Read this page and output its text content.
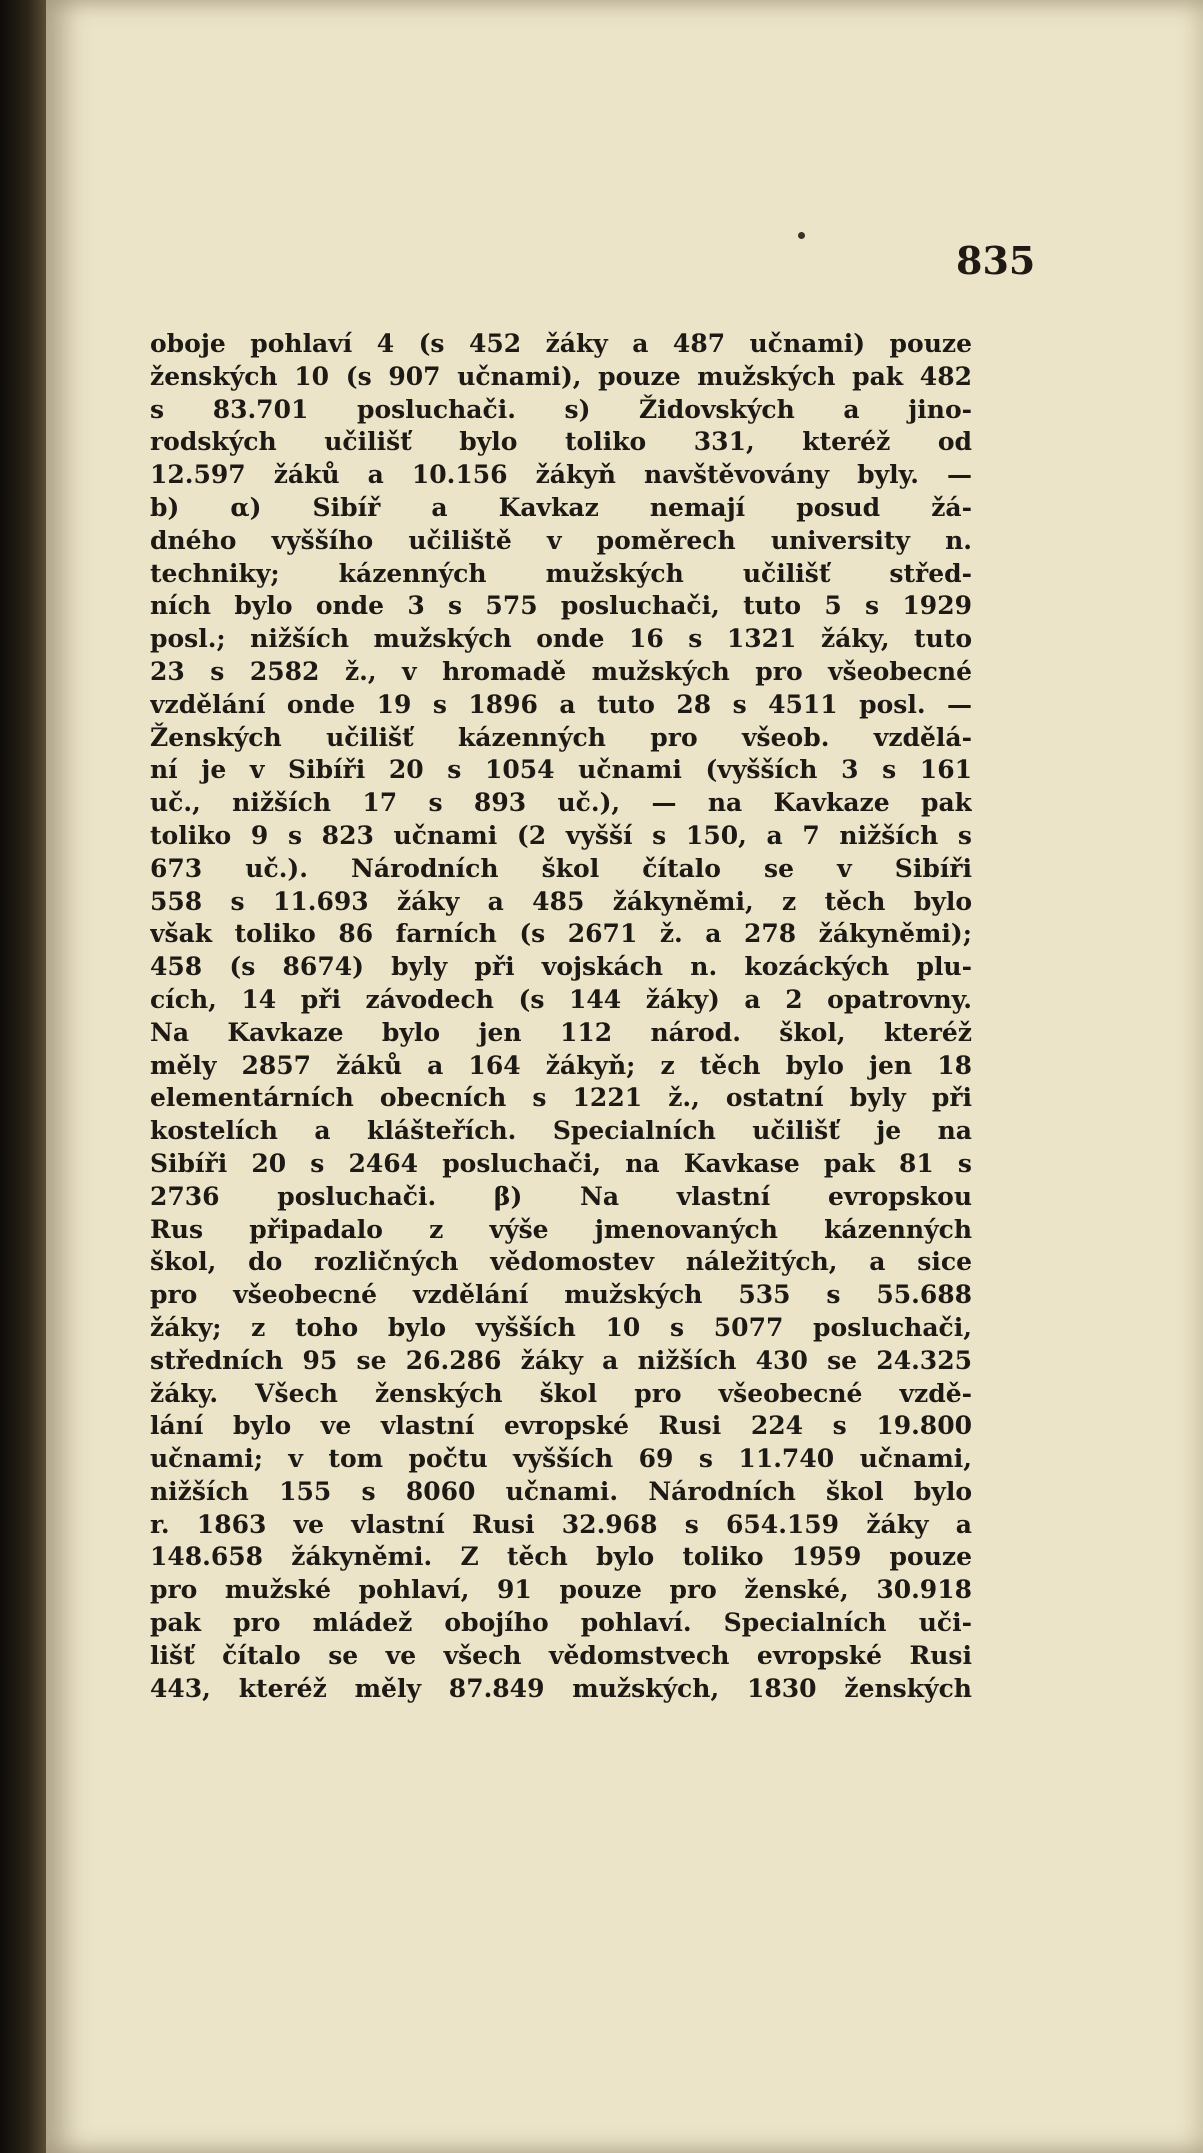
835
oboje pohlaví 4 (s 452 žáky a 487 učnami) pouze
ženských 10 (s 907 učnami), pouze mužských pak 482
s 83.701 posluchači. s) Židovských a jino-
rodských učilišť bylo toliko 331, kteréž od
12.597 žáků a 10.156 žákyň navštěvovány byly. —
b) α) Sibíř a Kavkaz nemají posud žá-
dného vyššího učiliště v poměrech university n.
techniky; kázenných mužských učilišť střed-
ních bylo onde 3 s 575 posluchači, tuto 5 s 1929
posl.; nižších mužských onde 16 s 1321 žáky, tuto
23 s 2582 ž., v hromadě mužských pro všeobecné
vzdělání onde 19 s 1896 a tuto 28 s 4511 posl. —
Ženských učilišť kázenných pro všeob. vzdělá-
ní je v Sibíři 20 s 1054 učnami (vyšších 3 s 161
uč., nižších 17 s 893 uč.), — na Kavkaze pak
toliko 9 s 823 učnami (2 vyšší s 150, a 7 nižších s
673 uč.). Národních škol čítalo se v Sibíři
558 s 11.693 žáky a 485 žákyněmi, z těch bylo
však toliko 86 farních (s 2671 ž. a 278 žákyněmi);
458 (s 8674) byly při vojskách n. kozáckých plu-
cích, 14 při závodech (s 144 žáky) a 2 opatrovny.
Na Kavkaze bylo jen 112 národ. škol, kteréž
měly 2857 žáků a 164 žákyň; z těch bylo jen 18
elementárních obecních s 1221 ž., ostatní byly při
kostelích a klášteřích. Specialních učilišť je na
Sibíři 20 s 2464 posluchači, na Kavkase pak 81 s
2736 posluchači. β) Na vlastní evropskou
Rus připadalo z výše jmenovaných kázenných
škol, do rozličných vědomostev náležitých, a sice
pro všeobecné vzdělání mužských 535 s 55.688
žáky; z toho bylo vyšších 10 s 5077 posluchači,
středních 95 se 26.286 žáky a nižších 430 se 24.325
žáky. Všech ženských škol pro všeobecné vzdě-
lání bylo ve vlastní evropské Rusi 224 s 19.800
učnami; v tom počtu vyšších 69 s 11.740 učnami,
nižších 155 s 8060 učnami. Národních škol bylo
r. 1863 ve vlastní Rusi 32.968 s 654.159 žáky a
148.658 žákyněmi. Z těch bylo toliko 1959 pouze
pro mužské pohlaví, 91 pouze pro ženské, 30.918
pak pro mládež obojího pohlaví. Specialních uči-
lišť čítalo se ve všech vědomstvech evropské Rusi
443, kteréž měly 87.849 mužských, 1830 ženských
